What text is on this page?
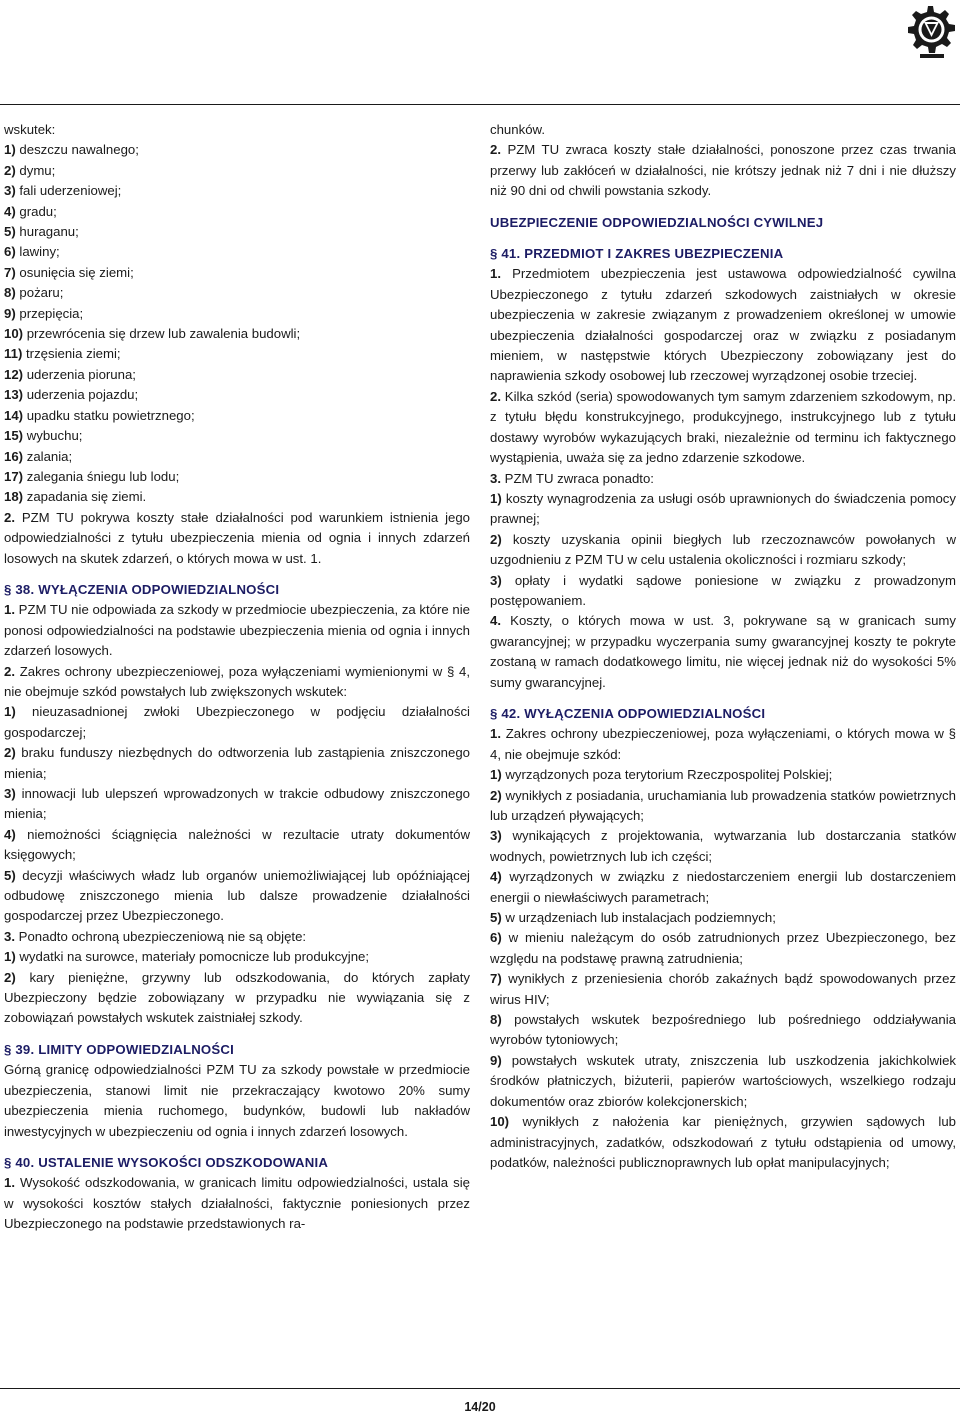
wskutek:

1) deszczu nawalnego;

2) dymu;

3) fali uderzeniowej;

4) gradu;

5) huraganu;

6) lawiny;

7) osunięcia się ziemi;

8) pożaru;

9) przepięcia;

10) przewrócenia się drzew lub zawalenia budowli;

11) trzęsienia ziemi;

12) uderzenia pioruna;

13) uderzenia pojazdu;

14) upadku statku powietrznego;

15) wybuchu;

16) zalania;

17) zalegania śniegu lub lodu;

18) zapadania się ziemi.

2. PZM TU pokrywa koszty stałe działalności pod warunkiem istnienia jego odpowiedzialności z tytułu ubezpieczenia mienia od ognia i innych zdarzeń losowych na skutek zdarzeń, o których mowa w ust. 1.

§ 38. WYŁĄCZENIA ODPOWIEDZIALNOŚCI

1. PZM TU nie odpowiada za szkody w przedmiocie ubezpieczenia, za które nie ponosi odpowiedzialności na podstawie ubezpieczenia mienia od ognia i innych zdarzeń losowych.

2. Zakres ochrony ubezpieczeniowej, poza wyłączeniami wymienionymi w § 4, nie obejmuje szkód powstałych lub zwiększonych wskutek:

1) nieuzasadnionej zwłoki Ubezpieczonego w podjęciu działalności gospodarczej;

2) braku funduszy niezbędnych do odtworzenia lub zastąpienia zniszczonego mienia;

3) innowacji lub ulepszeń wprowadzonych w trakcie odbudowy zniszczonego mienia;

4) niemożności ściągnięcia należności w rezultacie utraty dokumentów księgowych;

5) decyzji właściwych władz lub organów uniemożliwiającej lub opóźniającej odbudowę zniszczonego mienia lub dalsze prowadzenie działalności gospodarczej przez Ubezpieczonego.

3. Ponadto ochroną ubezpieczeniową nie są objęte:

1) wydatki na surowce, materiały pomocnicze lub produkcyjne;

2) kary pieniężne, grzywny lub odszkodowania, do których zapłaty Ubezpieczony będzie zobowiązany w przypadku nie wywiązania się z zobowiązań powstałych wskutek zaistniałej szkody.

§ 39. LIMITY ODPOWIEDZIALNOŚCI

Górną granicę odpowiedzialności PZM TU za szkody powstałe w przedmiocie ubezpieczenia, stanowi limit nie przekraczający kwotowo 20% sumy ubezpieczenia mienia ruchomego, budynków, budowli lub nakładów inwestycyjnych w ubezpieczeniu od ognia i innych zdarzeń losowych.

§ 40. USTALENIE WYSOKOŚCI ODSZKODOWANIA

1. Wysokość odszkodowania, w granicach limitu odpowiedzialności, ustala się w wysokości kosztów stałych działalności, faktycznie poniesionych przez Ubezpieczonego na podstawie przedstawionych ra-

chunków.

2. PZM TU zwraca koszty stałe działalności, ponoszone przez czas trwania przerwy lub zakłóceń w działalności, nie krótszy jednak niż 7 dni i nie dłuższy niż 90 dni od chwili powstania szkody.

UBEZPIECZENIE ODPOWIEDZIALNOŚCI CYWILNEJ

§ 41. PRZEDMIOT I ZAKRES UBEZPIECZENIA

1. Przedmiotem ubezpieczenia jest ustawowa odpowiedzialność cywilna Ubezpieczonego z tytułu zdarzeń szkodowych zaistniałych w okresie ubezpieczenia w zakresie związanym z prowadzeniem określonej w umowie ubezpieczenia działalności gospodarczej oraz w związku z posiadanym mieniem, w następstwie których Ubezpieczony zobowiązany jest do naprawienia szkody osobowej lub rzeczowej wyrządzonej osobie trzeciej.

2. Kilka szkód (seria) spowodowanych tym samym zdarzeniem szkodowym, np. z tytułu błędu konstrukcyjnego, produkcyjnego, instrukcyjnego lub z tytułu dostawy wyrobów wykazujących braki, niezależnie od terminu ich faktycznego wystąpienia, uważa się za jedno zdarzenie szkodowe.

3. PZM TU zwraca ponadto:

1) koszty wynagrodzenia za usługi osób uprawnionych do świadczenia pomocy prawnej;

2) koszty uzyskania opinii biegłych lub rzeczoznawców powołanych w uzgodnieniu z PZM TU w celu ustalenia okoliczności i rozmiaru szkody;

3) opłaty i wydatki sądowe poniesione w związku z prowadzonym postępowaniem.

4. Koszty, o których mowa w ust. 3, pokrywane są w granicach sumy gwarancyjnej; w przypadku wyczerpania sumy gwarancyjnej koszty te pokryte zostaną w ramach dodatkowego limitu, nie więcej jednak niż do wysokości 5% sumy gwarancyjnej.

§ 42. WYŁĄCZENIA ODPOWIEDZIALNOŚCI

1. Zakres ochrony ubezpieczeniowej, poza wyłączeniami, o których mowa w § 4, nie obejmuje szkód:

1) wyrządzonych poza terytorium Rzeczpospolitej Polskiej;

2) wynikłych z posiadania, uruchamiania lub prowadzenia statków powietrznych lub urządzeń pływających;

3) wynikających z projektowania, wytwarzania lub dostarczania statków wodnych, powietrznych lub ich części;

4) wyrządzonych w związku z niedostarczeniem energii lub dostarczeniem energii o niewłaściwych parametrach;

5) w urządzeniach lub instalacjach podziemnych;

6) w mieniu należącym do osób zatrudnionych przez Ubezpieczonego, bez względu na podstawę prawną zatrudnienia;

7) wynikłych z przeniesienia chorób zakaźnych bądź spowodowanych przez wirus HIV;

8) powstałych wskutek bezpośredniego lub pośredniego oddziaływania wyrobów tytoniowych;

9) powstałych wskutek utraty, zniszczenia lub uszkodzenia jakichkolwiek środków płatniczych, biżuterii, papierów wartościowych, wszelkiego rodzaju dokumentów oraz zbiorów kolekcjonerskich;

10) wynikłych z nałożenia kar pieniężnych, grzywien sądowych lub administracyjnych, zadatków, odszkodowań z tytułu odstąpienia od umowy, podatków, należności publicznoprawnych lub opłat manipulacyjnych;

14/20
